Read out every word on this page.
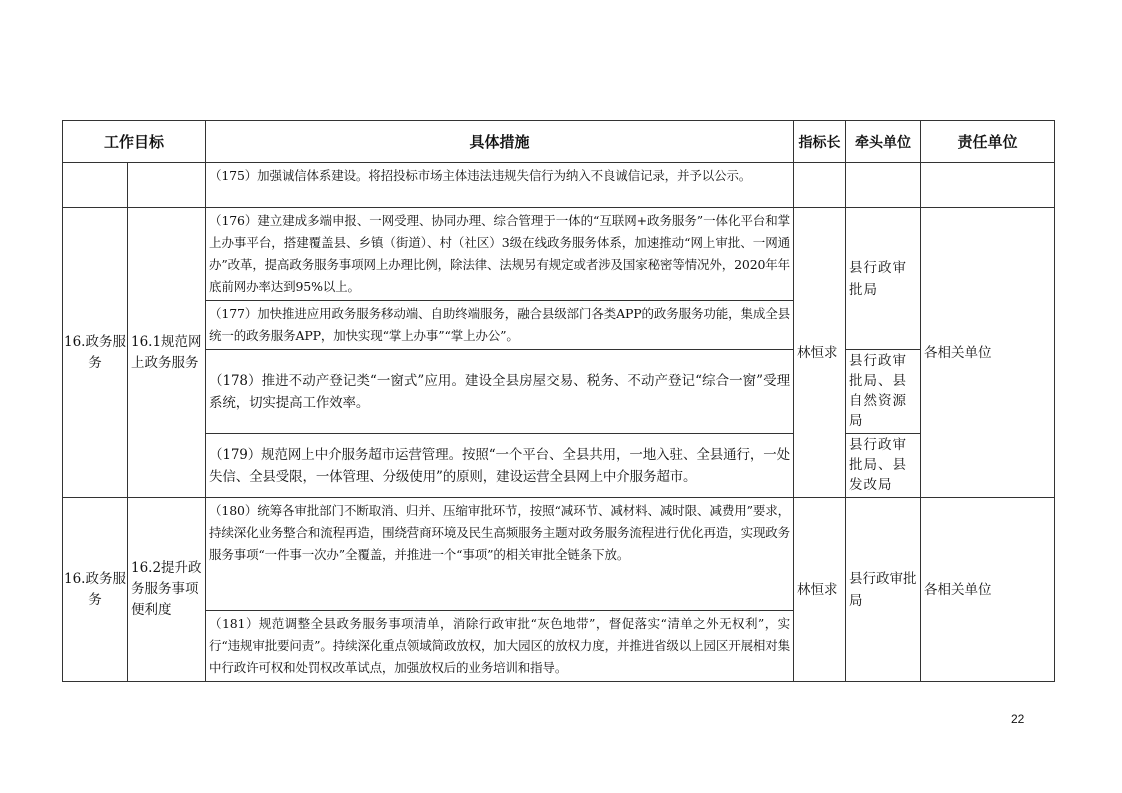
工作目标		具体措施	指标长	牵头单位	责任单位
		（175）加强诚信体系建设。将招投标市场主体违法违规失信行为纳入不良诚信记录，并予以公示。			
16.政务服务	16.1规范网上政务服务	（176）建立建成多端申报、一网受理、协同办理、综合管理于一体的“互联网+政务服务”一体化平台和掌上办事平台，搭建覆盖县、乡镇（街道）、村（社区）3级在线政务服务体系，加速推动“网上审批、一网通办”改革，提高政务服务事项网上办理比例，除法律、法规另有规定或者涉及国家秘密等情况外，2020年年底前网办率达到95%以上。	林恒求	县行政审批局	各相关单位
		（177）加快推进应用政务服务移动端、自助终端服务，融合县级部门各类APP的政务服务功能，集成全县统一的政务服务APP，加快实现“掌上办事”“掌上办公”。			
		（178）推进不动产登记类“一窗式”应用。建设全县房屋交易、税务、不动产登记“综合一窗”受理系统，切实提高工作效率。		县行政审批局、县自然资源局	
		（179）规范网上中介服务超市运营管理。按照“一个平台、全县共用，一地入驻、全县通行，一处失信、全县受限，一体管理、分级使用”的原则，建设运营全县网上中介服务超市。		县行政审批局、县发改局	
16.政务服务	16.2提升政务服务事项便利度	（180）统筹各审批部门不断取消、归并、压缩审批环节，按照“减环节、减材料、减时限、减费用”要求，持续深化业务整合和流程再造，围绕营商环境及民生高频服务主题对政务服务流程进行优化再造，实现政务服务事项“一件事一次办”全覆盖，并推进一个“事项”的相关审批全链条下放。	林恒求	县行政审批局	各相关单位
		（181）规范调整全县政务服务事项清单，消除行政审批“灰色地带”，督促落实“清单之外无权利”，实行“违规审批要问责”。持续深化重点领域简政放权，加大园区的放权力度，并推进省级以上园区开展相对集中行政许可权和处罚权改革试点，加强放权后的业务培训和指导。			
22
